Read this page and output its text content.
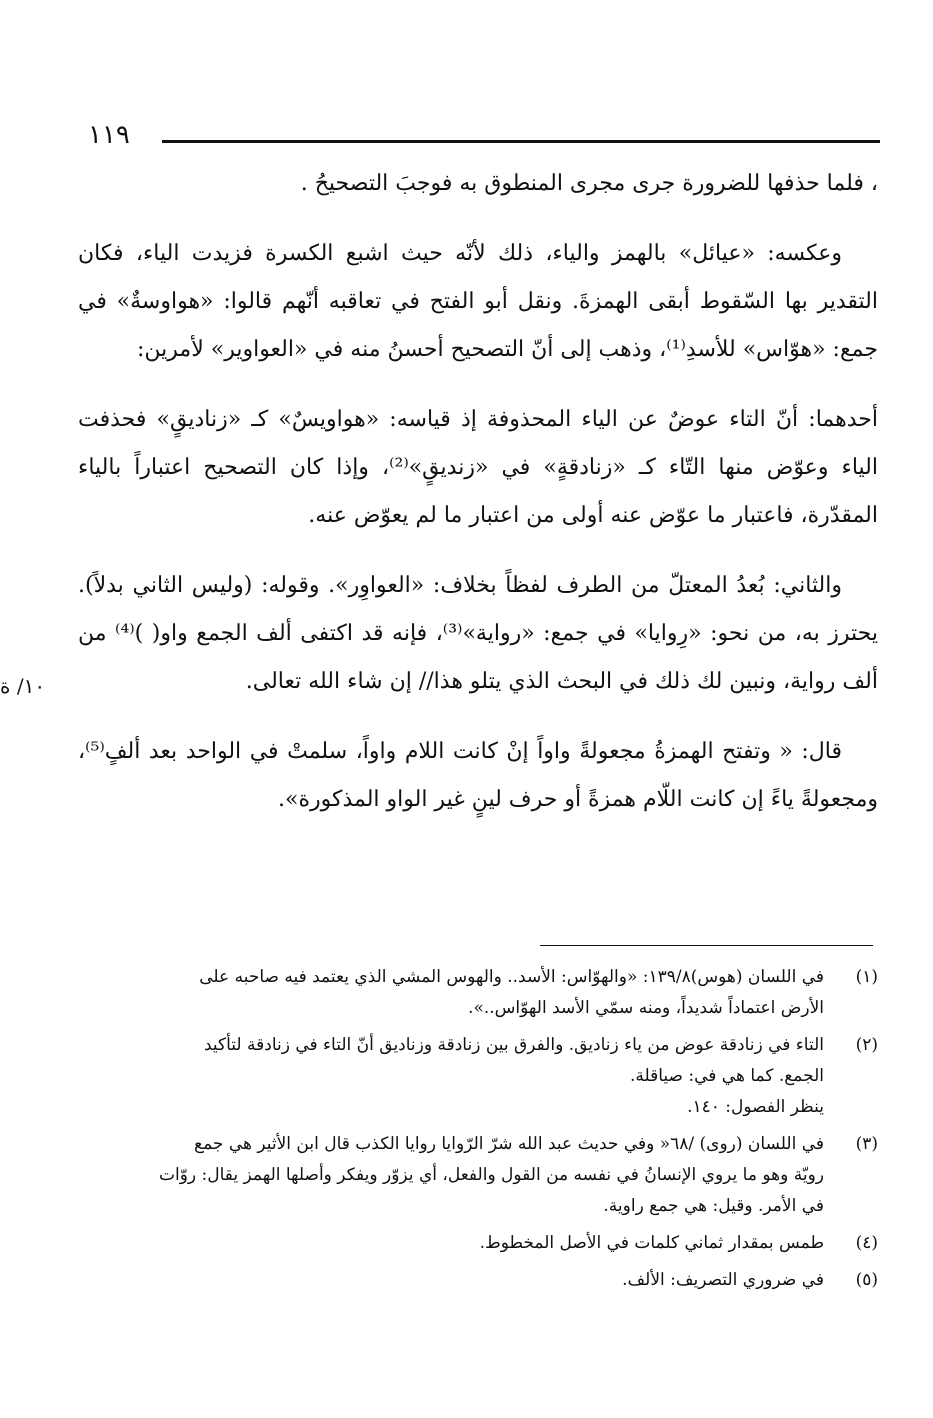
١١٩

، فلما حذفها للضرورة جرى مجرى المنطوق به فوجبَ التصحيحُ .

وعكسه: «عيائل» بالهمز والياء، ذلك لأنّه حيث اشبع الكسرة فزيدت الياء، فكان التقدير بها السّقوط أبقى الهمزةَ. ونقل أبو الفتح في تعاقبه أنّهم قالوا: «هواوسةٌ» في جمع: «هوّاس» للأسدِ⁽¹⁾، وذهب إلى أنّ التصحيح أحسنُ منه في «العواوير» لأمرين:

أحدهما: أنّ التاء عوضٌ عن الياء المحذوفة إذ قياسه: «هواويسٌ» كـ «زناديقٍ» فحذفت الياء وعوّض منها التّاء كـ «زنادقةٍ» في «زنديقٍ»⁽²⁾، وإذا كان التصحيح اعتباراً بالياء المقدّرة، فاعتبار ما عوّض عنه أولى من اعتبار ما لم يعوّض عنه.

والثاني: بُعدُ المعتلّ من الطرف لفظاً بخلاف: «العواوِر». وقوله: (وليس الثاني بدلاً). يحترز به، من نحو: «رِوايا» في جمع: «رواية»⁽³⁾، فإنه قد اكتفى ألف الجمع واو( )⁽⁴⁾ من ألف رواية، ونبين لك ذلك في البحث الذي يتلو هذا// إن شاء الله تعالى.

قال: « وتفتح الهمزةُ مجعولةً واواً إنْ كانت اللام واواً، سلمتْ في الواحد بعد ألفٍ⁽⁵⁾، ومجعولةً ياءً إن كانت اللّام همزةً أو حرف لينٍ غير الواو المذكورة».

١٠/ ﺓ
(١)
في اللسان (هوس)١٣٩/٨: «والهوّاس: الأسد.. والهوس المشي الذي يعتمد فيه صاحبه على
الأرض اعتماداً شديداً، ومنه سمّي الأسد الهوّاس..».
(٢)
التاء في زنادقة عوض من ياء زناديق. والفرق بين زنادقة وزناديق أنّ التاء في زنادقة لتأكيد
الجمع. كما هي في: صياقلة.
ينظر الفصول: ١٤٠.
(٣)
في اللسان (روى) /٦٨« وفي حديث عبد الله شرّ الرّوايا روايا الكذب قال ابن الأثير هي جمع
رويّة وهو ما يروي الإنسانُ في نفسه من القول والفعل، أي يزوّر ويفكر وأصلها الهمز يقال: روّات
في الأمر. وقيل: هي جمع راوية.
(٤)
طمس بمقدار ثماني كلمات في الأصل المخطوط.
(٥)
في ضروري التصريف: الألف.
